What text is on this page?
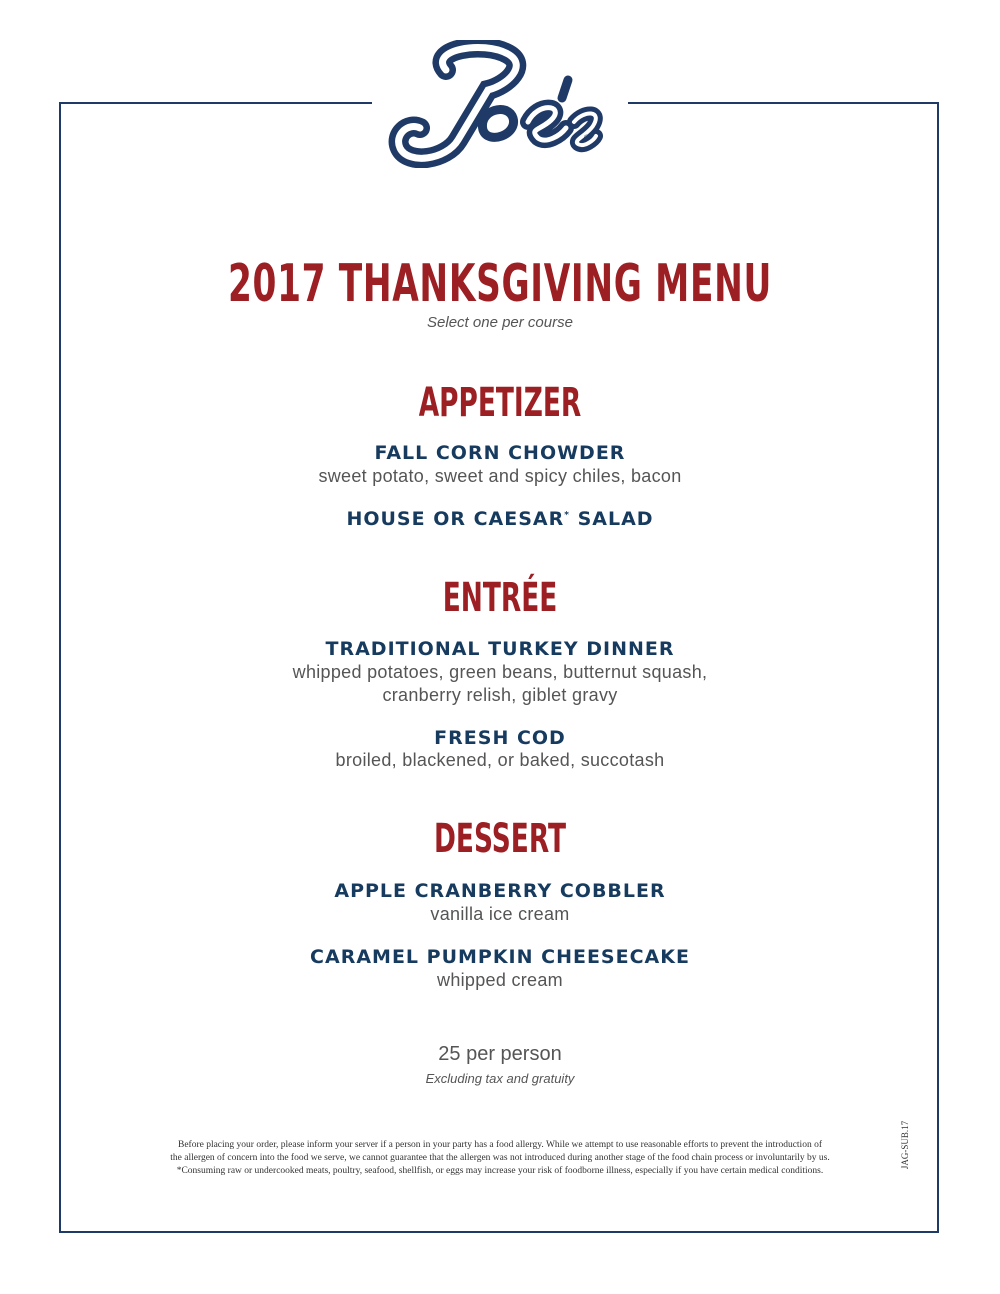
®
2017 THANKSGIVING MENU
Select one per course
APPETIZER
FALL CORN CHOWDER
sweet potato, sweet and spicy chiles, bacon
HOUSE OR CAESAR* SALAD
ENTRÉE
TRADITIONAL TURKEY DINNER
whipped potatoes, green beans, butternut squash,
cranberry relish, giblet gravy
FRESH COD
broiled, blackened, or baked, succotash
DESSERT
APPLE CRANBERRY COBBLER
vanilla ice cream
CARAMEL PUMPKIN CHEESECAKE
whipped cream
25 per person
Excluding tax and gratuity
Before placing your order, please inform your server if a person in your party has a food allergy. While we attempt to use reasonable efforts to prevent the introduction of
the allergen of concern into the food we serve, we cannot guarantee that the allergen was not introduced during another stage of the food chain process or involuntarily by us.
*Consuming raw or undercooked meats, poultry, seafood, shellfish, or eggs may increase your risk of foodborne illness, especially if you have certain medical conditions.
JAG-SUB.17
